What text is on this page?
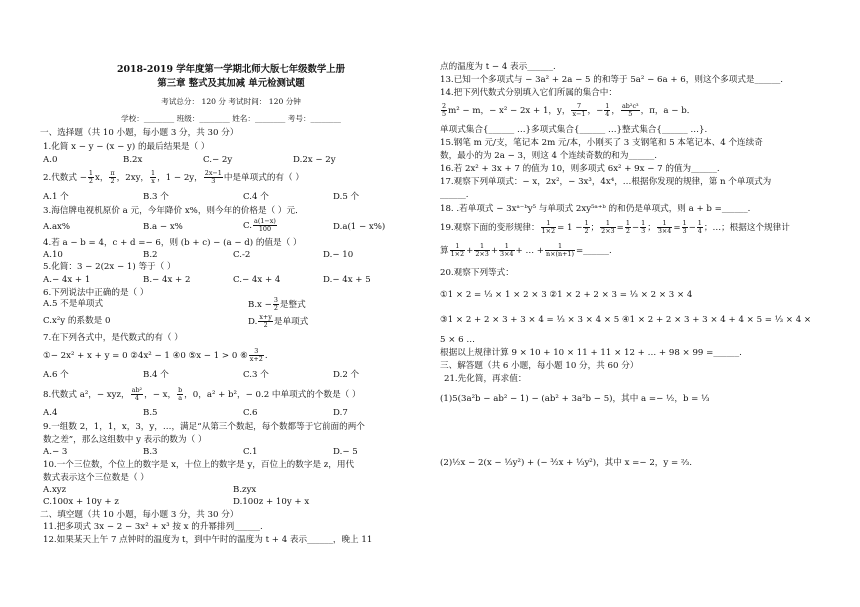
2018-2019 学年度第一学期北师大版七年级数学上册
第三章 整式及其加减 单元检测试题
考试总分： 120 分 考试时间： 120 分钟
学校：________ 班级：________ 姓名：________ 考号：________
一、选择题（共 10 小题，每小题 3 分，共 30 分）
1.化简 x − y − (x − y) 的最后结果是（ ）
A.0	B.2x	C.− 2y	D.2x − 2y
2.代数式 − $\frac{1}{2}$ x， $\frac{\pi}{2}$ ，2xy， $\frac{1}{x}$ ，1 − 2y， $\frac{2x-1}{3}$ 中是单项式的有（ ）
A.1 个	B.3 个	C.4 个	D.5 个
3.海信牌电视机原价 a 元，今年降价 x%，则今年的价格是（ ）元．
A.ax%	B.a − x%	C. $\frac{a(1-x)}{100}$	D.a(1 − x%)
4.若 a − b = 4，c + d =− 6，则 (b + c) − (a − d) 的值是（ ）
A.10	B.2	C.-2	D.− 10
5.化简：3 − 2(2x − 1) 等于（ ）
A.− 4x + 1	B.− 4x + 2	C.− 4x + 4	D.− 4x + 5
6.下列说法中正确的是（ ）
A.5 不是单项式	$B.x - \frac{3}{2}$ 是整式
C.x²y 的系数是 0	D. $\frac{x+y}{2}$ 是单项式
7.在下列各式中，是代数式的有（ ）
①− 2x² + x + y = 0 ②4x² − 1 ④0 ⑤x − 1 > 0 ⑥ $\frac{3}{x+2}$ .
A.6 个	B.4 个	C.3 个	D.2 个
8.代数式 a²，− xyz， $\frac{\text{ab²}}{4}$ ，− x， $\frac{b}{a}$ ，0，a² + b²，− 0.2 中单项式的个数是（ ）
A.4	B.5	C.6	D.7
9.一组数 2，1，1，x，3，y，…，满足“从第三个数起，每个数都等于它前面的两个
数之差”，那么这组数中 y 表示的数为（ ）
A.− 3	B.3	C.1	D.− 5
10.一个三位数，个位上的数字是 x，十位上的数字是 y，百位上的数字是 z，用代
数式表示这个三位数是（ ）
A.xyz	B.zyx
C.100x + 10y + z	D.100z + 10y + x
二、填空题（共 10 小题，每小题 3 分，共 30 分）
11.把多项式 3x − 2 − 3x² + x³ 按 x 的升幂排列______.
12.如果某天上午 7 点钟时的温度为 t，到中午时的温度为 t + 4 表示______，晚上 11
点的温度为 t − 4 表示______.
13.已知一个多项式与 − 3a² + 2a − 5 的和等于 5a² − 6a + 6，则这个多项式是______.
14.把下列代数式分别填入它们所属的集合中：
$\frac{2}{5} m^2 - m$，− x² − 2x + 1，y， $\frac{7}{x-1}$ ，− $\frac{1}{4}$ ， $\frac{\text{ab²c³}}{5}$ ，π，a − b．
单项式集合{______ …}多项式集合{______ …}整式集合{______ …}.
15.钢笔 m 元/支，笔记本 2m 元/本，小刚买了 3 支钢笔和 5 本笔记本、4 个连续奇
数，最小的为 2a − 3，则这 4 个连续奇数的和为______.
16.若 2x² + 3x + 7 的值为 10，则多项式 6x² + 9x − 7 的值为______.
17.观察下列单项式：− x，2x²，− 3x³，4x⁴，…根据你发现的规律，第 n 个单项式为
______.
18. .若单项式 − 3xᵃ⁻ᵇy⁵ 与单项式 2xy⁵ᵃ⁺ᵇ 的和仍是单项式，则 a + b =______.
19.观察下面的变形规律： $\frac{1}{1\times 2} = 1 - \frac{1}{2}$ ； $\frac{1}{2\times 3} = \frac{1}{2} - \frac{1}{3}$ ； $\frac{1}{3\times 4} = \frac{1}{3} - \frac{1}{4}$ ；…；根据这个规律计
算 $\frac{1}{1\times 2} + \frac{1}{2\times 3} + \frac{1}{3\times 4}$ + … + $\frac{1}{n\times(n+1)}$ =______.
20.观察下列等式：
①1 × 2 = ⅓ × 1 × 2 × 3 ②1 × 2 + 2 × 3 = ⅓ × 2 × 3 × 4
③1 × 2 + 2 × 3 + 3 × 4 = ⅓ × 3 × 4 × 5 ④1 × 2 + 2 × 3 + 3 × 4 + 4 × 5 = ⅓ × 4 ×
5 × 6 …
根据以上规律计算 9 × 10 + 10 × 11 + 11 × 12 + … + 98 × 99 =______.
三、解答题（共 6 小题，每小题 10 分，共 60 分）
21.先化简，再求值：
(1)5(3a²b − ab² − 1) − (ab² + 3a²b − 5)，其中 a =− ½，b = ⅓
(2)½x − 2(x − ⅓y²) + (− ³⁄₂x + ⅓y²)，其中 x =− 2，y = ⅔.
